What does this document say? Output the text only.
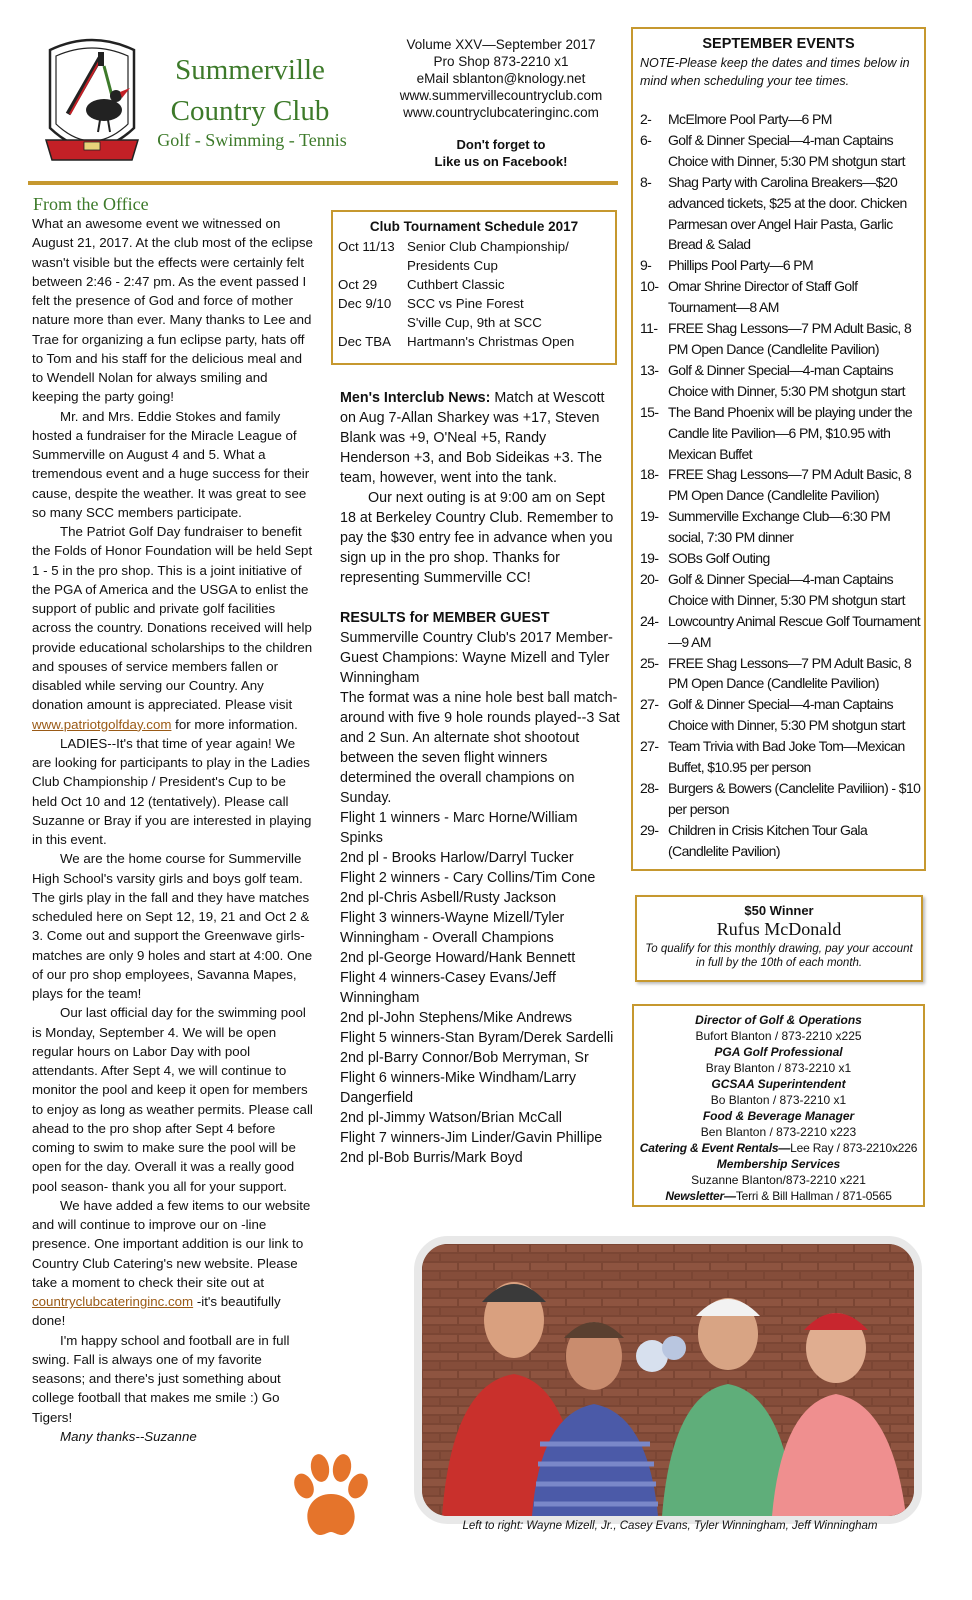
Summerville
Country Club
Golf - Swimming - Tennis
Volume XXV—September 2017
Pro Shop 873-2210 x1
eMail sblanton@knology.net
www.summervillecountryclub.com
www.countryclubcateringinc.com
Don't forget to
Like us on Facebook!
From the Office

What an awesome event we witnessed on August 21, 2017. At the club most of the eclipse wasn't visible but the effects were certainly felt between 2:46 - 2:47 pm. As the event passed I felt the presence of God and force of mother nature more than ever. Many thanks to Lee and Trae for organizing a fun eclipse party, hats off to Tom and his staff for the delicious meal and to Wendell Nolan for always smiling and keeping the party going!

Mr. and Mrs. Eddie Stokes and family hosted a fundraiser for the Miracle League of Summerville on August 4 and 5. What a tremendous event and a huge success for their cause, despite the weather. It was great to see so many SCC members participate.

The Patriot Golf Day fundraiser to benefit the Folds of Honor Foundation will be held Sept 1 - 5 in the pro shop. This is a joint initiative of the PGA of America and the USGA to enlist the support of public and private golf facilities across the country. Donations received will help provide educational scholarships to the children and spouses of service members fallen or disabled while serving our Country. Any donation amount is appreciated. Please visit www.patriotgolfday.com for more information.

LADIES--It's that time of year again! We are looking for participants to play in the Ladies Club Championship / President's Cup to be held Oct 10 and 12 (tentatively). Please call Suzanne or Bray if you are interested in playing in this event.

We are the home course for Summerville High School's varsity girls and boys golf team. The girls play in the fall and they have matches scheduled here on Sept 12, 19, 21 and Oct 2 & 3. Come out and support the Greenwave girls-matches are only 9 holes and start at 4:00. One of our pro shop employees, Savanna Mapes, plays for the team!

Our last official day for the swimming pool is Monday, September 4. We will be open regular hours on Labor Day with pool attendants. After Sept 4, we will continue to monitor the pool and keep it open for members to enjoy as long as weather permits. Please call ahead to the pro shop after Sept 4 before coming to swim to make sure the pool will be open for the day. Overall it was a really good pool season- thank you all for your support.

We have added a few items to our website and will continue to improve our on -line presence. One important addition is our link to Country Club Catering's new website. Please take a moment to check their site out at countryclubcateringinc.com -it's beautifully done!

I'm happy school and football are in full swing. Fall is always one of my favorite seasons; and there's just something about college football that makes me smile :) Go Tigers!

Many thanks--Suzanne

Club Tournament Schedule 2017
Oct 11/13 Senior Club Championship/
Presidents Cup
Oct 29 Cuthbert Classic
Dec 9/10 SCC vs Pine Forest
S'ville Cup, 9th at SCC
Dec TBA Hartmann's Christmas Open

Men's Interclub News: Match at Wescott on Aug 7-Allan Sharkey was +17, Steven Blank was +9, O'Neal +5, Randy Henderson +3, and Bob Sideikas +3. The team, however, went into the tank.

Our next outing is at 9:00 am on Sept 18 at Berkeley Country Club. Remember to pay the $30 entry fee in advance when you sign up in the pro shop. Thanks for representing Summerville CC!

RESULTS for MEMBER GUEST

Summerville Country Club's 2017 Member-Guest Champions: Wayne Mizell and Tyler Winningham

The format was a nine hole best ball match-around with five 9 hole rounds played--3 Sat and 2 Sun. An alternate shot shootout between the seven flight winners determined the overall champions on Sunday.

Flight 1 winners - Marc Horne/William Spinks

2nd pl - Brooks Harlow/Darryl Tucker

Flight 2 winners - Cary Collins/Tim Cone

2nd pl-Chris Asbell/Rusty Jackson

Flight 3 winners-Wayne Mizell/Tyler Winningham - Overall Champions

2nd pl-George Howard/Hank Bennett

Flight 4 winners-Casey Evans/Jeff Winningham

2nd pl-John Stephens/Mike Andrews

Flight 5 winners-Stan Byram/Derek Sardelli

2nd pl-Barry Connor/Bob Merryman, Sr

Flight 6 winners-Mike Windham/Larry Dangerfield

2nd pl-Jimmy Watson/Brian McCall

Flight 7 winners-Jim Linder/Gavin Phillipe

2nd pl-Bob Burris/Mark Boyd

SEPTEMBER EVENTS
NOTE-Please keep the dates and times below in mind when scheduling your tee times.
2-	McElmore Pool Party—6 PM
6-	Golf & Dinner Special—4-man Captains Choice with Dinner, 5:30 PM shotgun start
8-	Shag Party with Carolina Breakers—$20 advanced tickets, $25 at the door. Chicken Parmesan over Angel Hair Pasta, Garlic Bread & Salad
9-	Phillips Pool Party—6 PM
10- Omar Shrine Director of Staff Golf Tournament—8 AM
11- FREE Shag Lessons—7 PM Adult Basic, 8 PM Open Dance (Candlelite Pavilion)
13- Golf & Dinner Special—4-man Captains Choice with Dinner, 5:30 PM shotgun start
15- The Band Phoenix will be playing under the Candle lite Pavilion—6 PM, $10.95 with Mexican Buffet
18- FREE Shag Lessons—7 PM Adult Basic, 8 PM Open Dance (Candlelite Pavilion)
19- Summerville Exchange Club—6:30 PM social, 7:30 PM dinner
19- SOBs Golf Outing
20- Golf & Dinner Special—4-man Captains Choice with Dinner, 5:30 PM shotgun start
24- Lowcountry Animal Rescue Golf Tournament—9 AM
25- FREE Shag Lessons—7 PM Adult Basic, 8 PM Open Dance (Candlelite Pavilion)
27- Golf & Dinner Special—4-man Captains Choice with Dinner, 5:30 PM shotgun start
27- Team Trivia with Bad Joke Tom—Mexican Buffet, $10.95 per person
28- Burgers & Bowers (Canclelite Paviliion) - $10 per person
29- Children in Crisis Kitchen Tour Gala (Candlelite Pavilion)
$50 Winner
Rufus McDonald
To qualify for this monthly drawing, pay your account in full by the 10th of each month.
Director of Golf & Operations
Bufort Blanton / 873-2210 x225
PGA Golf Professional
Bray Blanton / 873-2210 x1
GCSAA Superintendent
Bo Blanton / 873-2210 x1
Food & Beverage Manager
Ben Blanton / 873-2210 x223
Catering & Event Rentals—Lee Ray / 873-2210x226
Membership Services
Suzanne Blanton/873-2210 x221
Newsletter—Terri & Bill Hallman / 871-0565
Left to right: Wayne Mizell, Jr., Casey Evans, Tyler Winningham, Jeff Winningham
